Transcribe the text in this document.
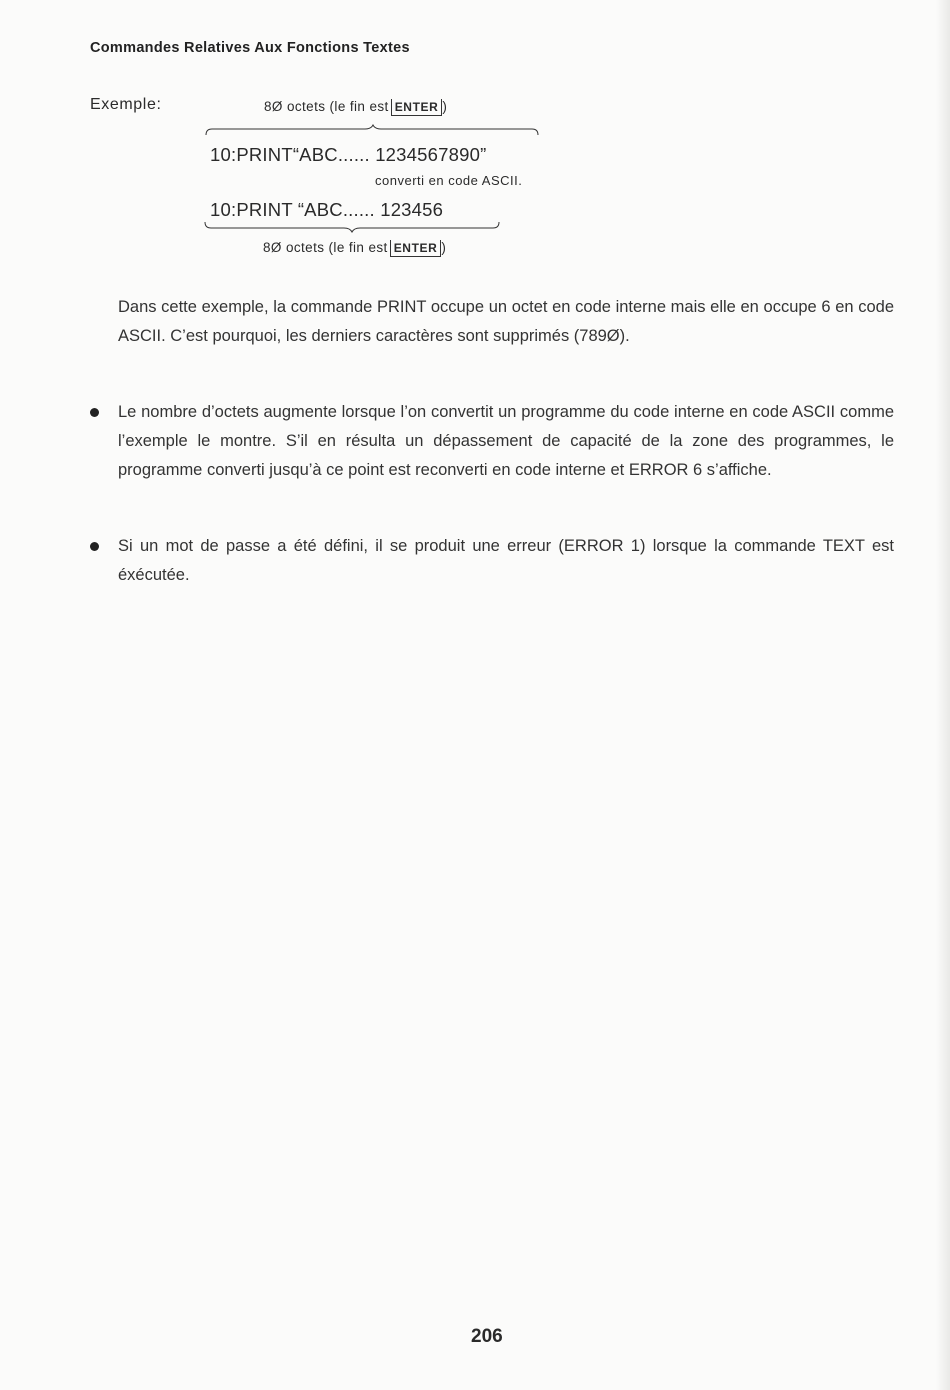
Commandes Relatives Aux Fonctions Textes
Exemple:	8Ø octets (le fin est ENTER )
10:PRINT“ABC...... 1234567890”
converti en code ASCII.
10:PRINT “ABC...... 123456
8Ø octets (le fin est ENTER )
Dans cette exemple, la commande PRINT occupe un octet en code interne mais elle en occupe 6 en code ASCII. C’est pourquoi, les derniers caractères sont supprimés (789Ø).
Le nombre d’octets augmente lorsque l’on convertit un programme du code interne en code ASCII comme l’exemple le montre. S’il en résulta un dépassement de capacité de la zone des programmes, le programme converti jusqu’à ce point est reconverti en code interne et ERROR 6 s’affiche.
Si un mot de passe a été défini, il se produit une erreur (ERROR 1) lorsque la commande TEXT est éxécutée.
206
